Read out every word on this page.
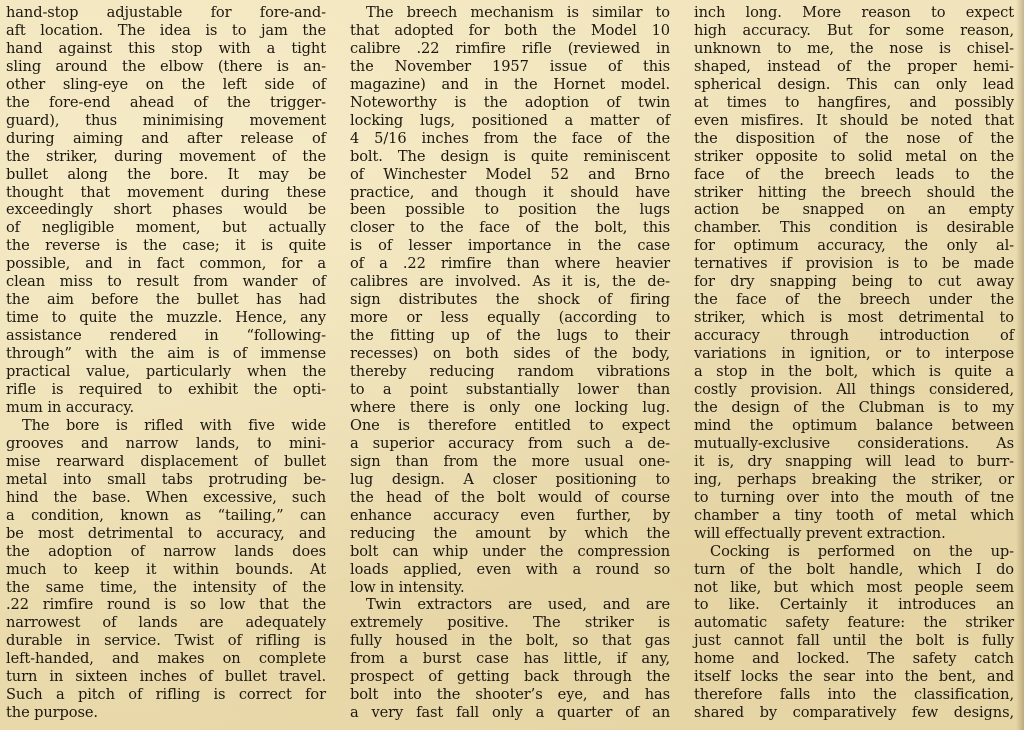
hand-stop adjustable for fore-and-
aft location. The idea is to jam the
hand against this stop with a tight
sling around the elbow (there is an-
other sling-eye on the left side of
the fore-end ahead of the trigger-
guard), thus minimising movement
during aiming and after release of
the striker, during movement of the
bullet along the bore. It may be
thought that movement during these
exceedingly short phases would be
of negligible moment, but actually
the reverse is the case; it is quite
possible, and in fact common, for a
clean miss to result from wander of
the aim before the bullet has had
time to quite the muzzle. Hence, any
assistance rendered in “following-
through” with the aim is of immense
practical value, particularly when the
rifle is required to exhibit the opti-
mum in accuracy.
The bore is rifled with five wide
grooves and narrow lands, to mini-
mise rearward displacement of bullet
metal into small tabs protruding be-
hind the base. When excessive, such
a condition, known as “tailing,” can
be most detrimental to accuracy, and
the adoption of narrow lands does
much to keep it within bounds. At
the same time, the intensity of the
.22 rimfire round is so low that the
narrowest of lands are adequately
durable in service. Twist of rifling is
left-handed, and makes on complete
turn in sixteen inches of bullet travel.
Such a pitch of rifling is correct for
the purpose.
The breech mechanism is similar to
that adopted for both the Model 10
calibre .22 rimfire rifle (reviewed in
the November 1957 issue of this
magazine) and in the Hornet model.
Noteworthy is the adoption of twin
locking lugs, positioned a matter of
4 5/16 inches from the face of the
bolt. The design is quite reminiscent
of Winchester Model 52 and Brno
practice, and though it should have
been possible to position the lugs
closer to the face of the bolt, this
is of lesser importance in the case
of a .22 rimfire than where heavier
calibres are involved. As it is, the de-
sign distributes the shock of firing
more or less equally (according to
the fitting up of the lugs to their
recesses) on both sides of the body,
thereby reducing random vibrations
to a point substantially lower than
where there is only one locking lug.
One is therefore entitled to expect
a superior accuracy from such a de-
sign than from the more usual one-
lug design. A closer positioning to
the head of the bolt would of course
enhance accuracy even further, by
reducing the amount by which the
bolt can whip under the compression
loads applied, even with a round so
low in intensity.
Twin extractors are used, and are
extremely positive. The striker is
fully housed in the bolt, so that gas
from a burst case has little, if any,
prospect of getting back through the
bolt into the shooter’s eye, and has
a very fast fall only a quarter of an
inch long. More reason to expect
high accuracy. But for some reason,
unknown to me, the nose is chisel-
shaped, instead of the proper hemi-
spherical design. This can only lead
at times to hangfires, and possibly
even misfires. It should be noted that
the disposition of the nose of the
striker opposite to solid metal on the
face of the breech leads to the
striker hitting the breech should the
action be snapped on an empty
chamber. This condition is desirable
for optimum accuracy, the only al-
ternatives if provision is to be made
for dry snapping being to cut away
the face of the breech under the
striker, which is most detrimental to
accuracy through introduction of
variations in ignition, or to interpose
a stop in the bolt, which is quite a
costly provision. All things considered,
the design of the Clubman is to my
mind the optimum balance between
mutually-exclusive considerations. As
it is, dry snapping will lead to burr-
ing, perhaps breaking the striker, or
to turning over into the mouth of tne
chamber a tiny tooth of metal which
will effectually prevent extraction.
Cocking is performed on the up-
turn of the bolt handle, which I do
not like, but which most people seem
to like. Certainly it introduces an
automatic safety feature: the striker
just cannot fall until the bolt is fully
home and locked. The safety catch
itself locks the sear into the bent, and
therefore falls into the classification,
shared by comparatively few designs,
